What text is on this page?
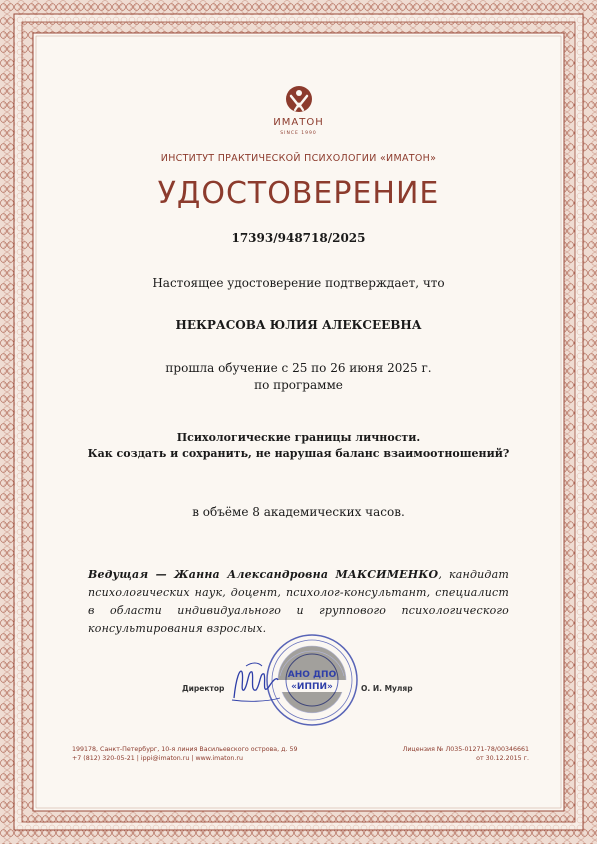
ИМАТОН
SINCE 1990
ИНСТИТУТ ПРАКТИЧЕСКОЙ ПСИХОЛОГИИ «ИМАТОН»
УДОСТОВЕРЕНИЕ
17393/948718/2025
Настоящее удостоверение подтверждает, что
НЕКРАСОВА ЮЛИЯ АЛЕКСЕЕВНА
прошла обучение с 25 по 26 июня 2025 г.
по программе
Психологические границы личности.
Как создать и сохранить, не нарушая баланс взаимоотношений?
в объёме 8 академических часов.
Ведущая — Жанна Александровна МАКСИМЕНКО, кандидат психологических наук, доцент, психолог-консультант, специалист в области индивидуального и группового психологического консультирования взрослых.
АНО ДПО
«ИППИ»
Директор	О. И. Муляр
199178, Санкт-Петербург, 10-я линия Васильевского острова, д. 59
+7 (812) 320-05-21 | ippi@imaton.ru | www.imaton.ru
Лицензия № Л035-01271-78/00346661
от 30.12.2015 г.
